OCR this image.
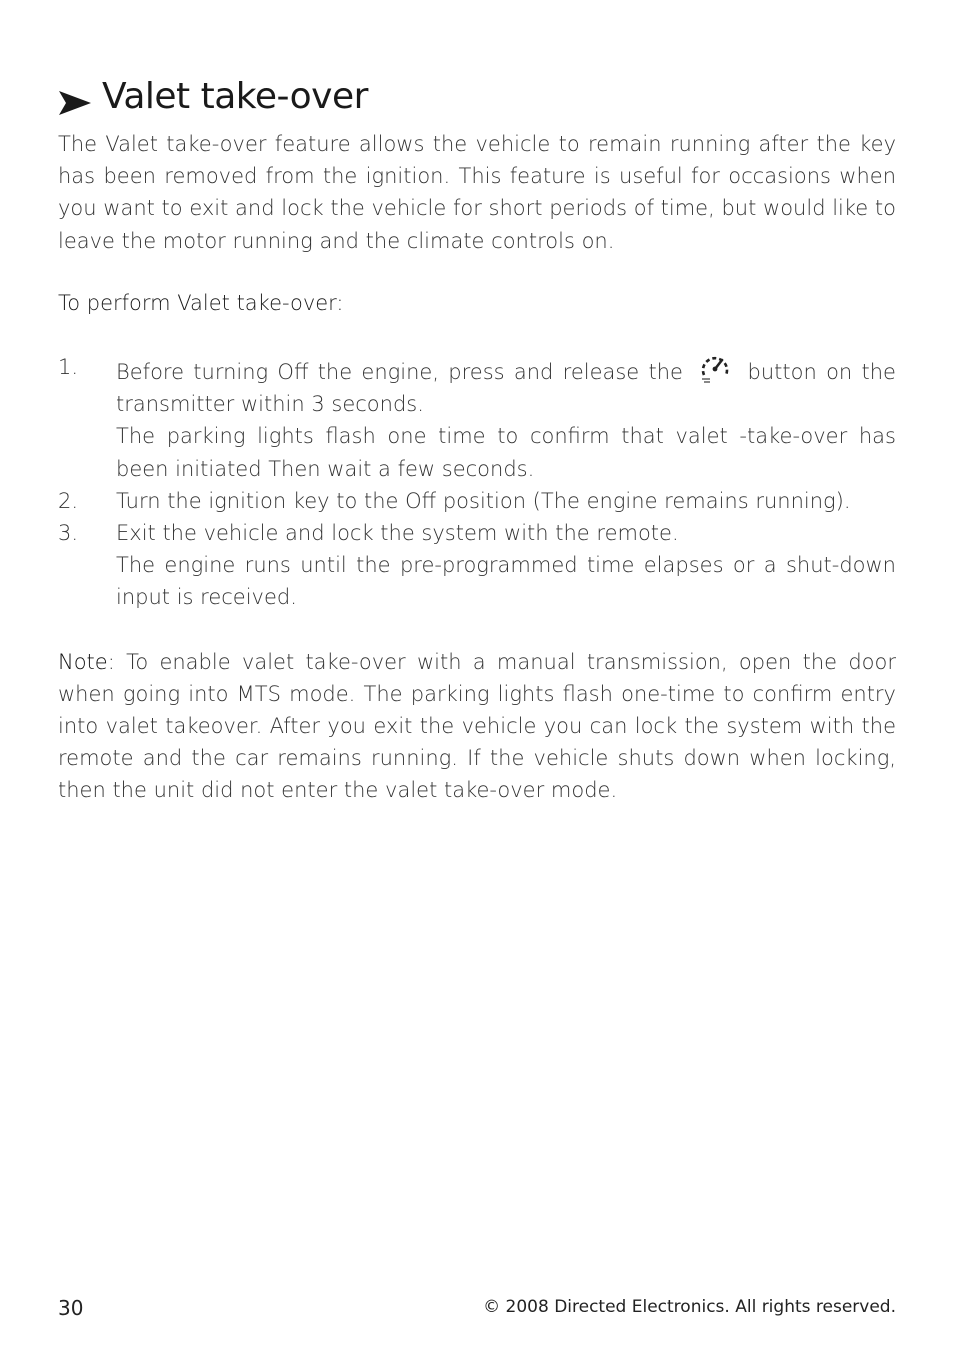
Valet take-over

The Valet take-over feature allows the vehicle to remain running after the key has been removed from the ignition. This feature is useful for occasions when you want to exit and lock the vehicle for short periods of time, but would like to leave the motor running and the climate controls on.

To perform Valet take-over:

1. Before turning Off the engine, press and release the	button on the transmitter within 3 seconds.
The parking lights flash one time to confirm that valet -take-over has been initiated Then wait a few seconds.
2. Turn the ignition key to the Off position (The engine remains running).
3. Exit the vehicle and lock the system with the remote.
The engine runs until the pre-programmed time elapses or a shut-down input is received.

Note: To enable valet take-over with a manual transmission, open the door when going into MTS mode. The parking lights flash one-time to confirm entry into valet takeover. After you exit the vehicle you can lock the system with the remote and the car remains running. If the vehicle shuts down when locking, then the unit did not enter the valet take-over mode.

30	© 2008 Directed Electronics. All rights reserved.
